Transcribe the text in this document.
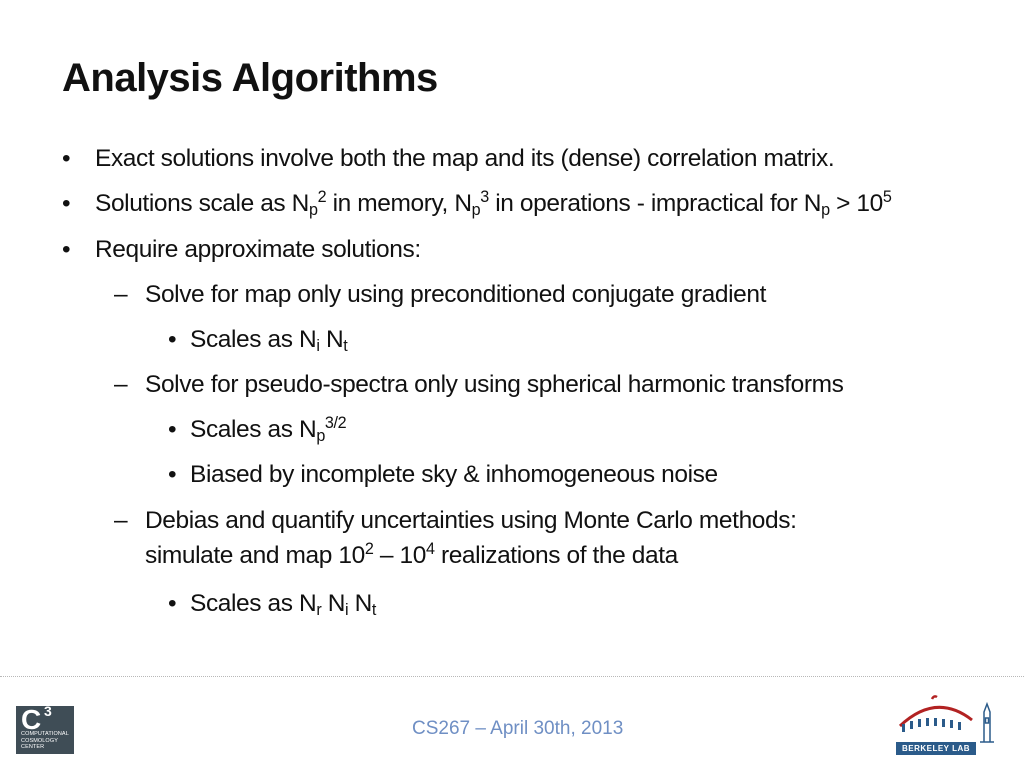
Analysis Algorithms
• Exact solutions involve both the map and its (dense) correlation matrix.
• Solutions scale as $N_p^2$ in memory, $N_p^3$ in operations - impractical for $N_p > 10^5$
• Require approximate solutions:
– Solve for map only using preconditioned conjugate gradient
• Scales as $N_i$ $N_t$
– Solve for pseudo-spectra only using spherical harmonic transforms
• Scales as $N_p^{3/2}$
• Biased by incomplete sky & inhomogeneous noise
– Debias and quantify uncertainties using Monte Carlo methods:
simulate and map $10^2 - 10^4$ realizations of the data
• Scales as $N_r$ $N_i$ $N_t$
C 3
COMPUTATIONAL
COSMOLOGY
CENTER
CS267 – April 30th, 2013
BERKELEY LAB
